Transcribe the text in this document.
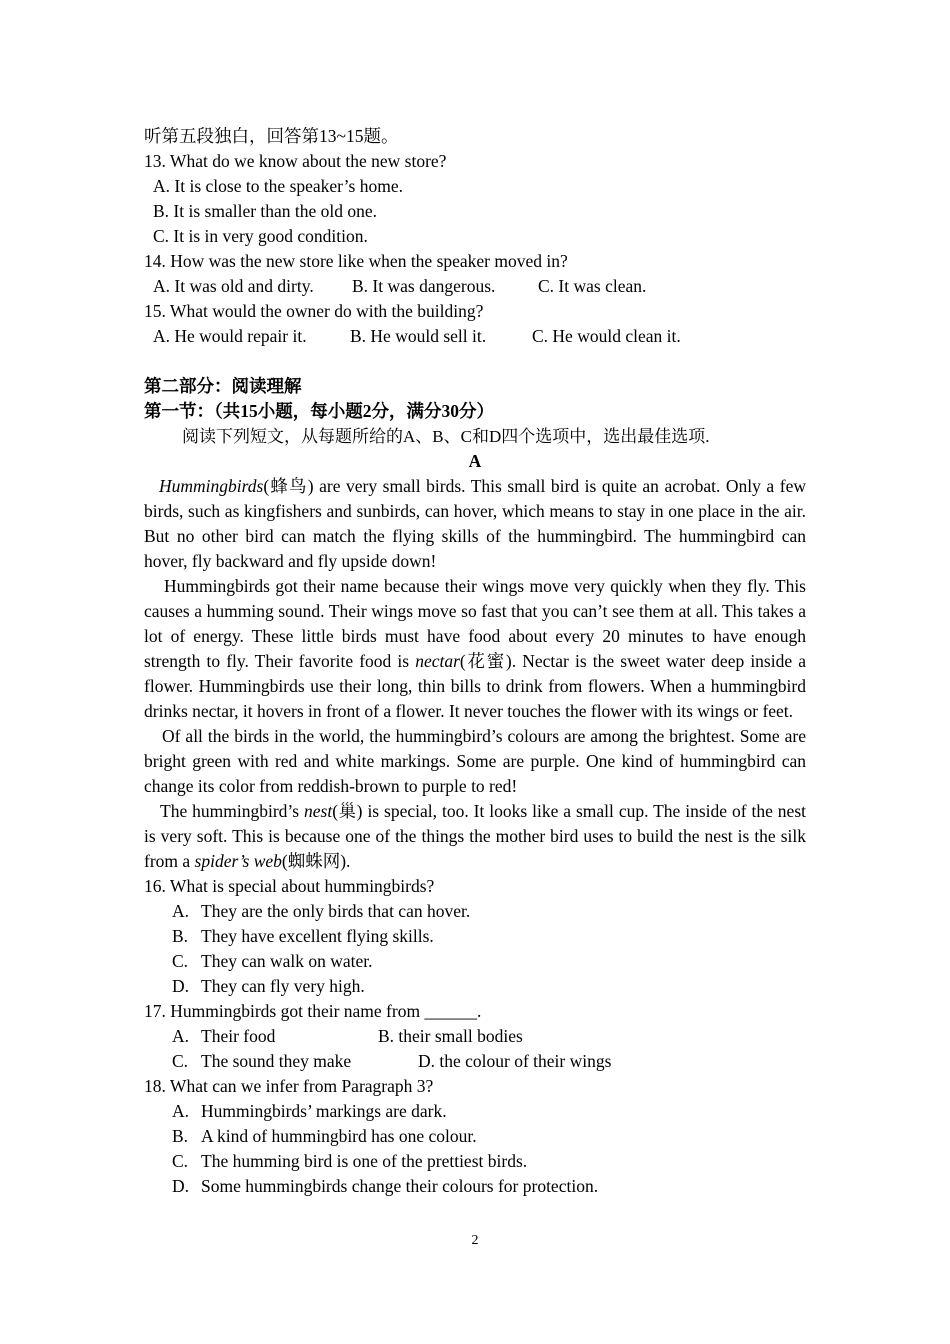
听第五段独白，回答第13~15题。
13. What do we know about the new store?
A. It is close to the speaker’s home.
B. It is smaller than the old one.
C. It is in very good condition.
14. How was the new store like when the speaker moved in?
A. It was old and dirty. B. It was dangerous. C. It was clean.
15. What would the owner do with the building?
A. He would repair it. B. He would sell it.	C. He would clean it.
第二部分：阅读理解
第一节：（共15小题，每小题2分，满分30分）
阅读下列短文，从每题所给的A、B、C和D四个选项中，选出最佳选项.
A
Hummingbirds(蜂鸟) are very small birds. This small bird is quite an acrobat. Only a few birds, such as kingfishers and sunbirds, can hover, which means to stay in one place in the air. But no other bird can match the flying skills of the hummingbird. The hummingbird can hover, fly backward and fly upside down!
Hummingbirds got their name because their wings move very quickly when they fly. This causes a humming sound. Their wings move so fast that you can’t see them at all. This takes a lot of energy. These little birds must have food about every 20 minutes to have enough strength to fly. Their favorite food is nectar(花蜜). Nectar is the sweet water deep inside a flower. Hummingbirds use their long, thin bills to drink from flowers. When a hummingbird drinks nectar, it hovers in front of a flower. It never touches the flower with its wings or feet.
Of all the birds in the world, the hummingbird’s colours are among the brightest. Some are bright green with red and white markings. Some are purple. One kind of hummingbird can change its color from reddish-brown to purple to red!
The hummingbird’s nest(巢) is special, too. It looks like a small cup. The inside of the nest is very soft. This is because one of the things the mother bird uses to build the nest is the silk from a spider’s web(蜘蛛网).
16. What is special about hummingbirds?
A. They are the only birds that can hover.
B. They have excellent flying skills.
C. They can walk on water.
D. They can fly very high.
17. Hummingbirds got their name from ______.
A. Their food	B. their small bodies
C. The sound they make	D. the colour of their wings
18. What can we infer from Paragraph 3?
A. Hummingbirds’ markings are dark.
B. A kind of hummingbird has one colour.
C. The humming bird is one of the prettiest birds.
D. Some hummingbirds change their colours for protection.
2
